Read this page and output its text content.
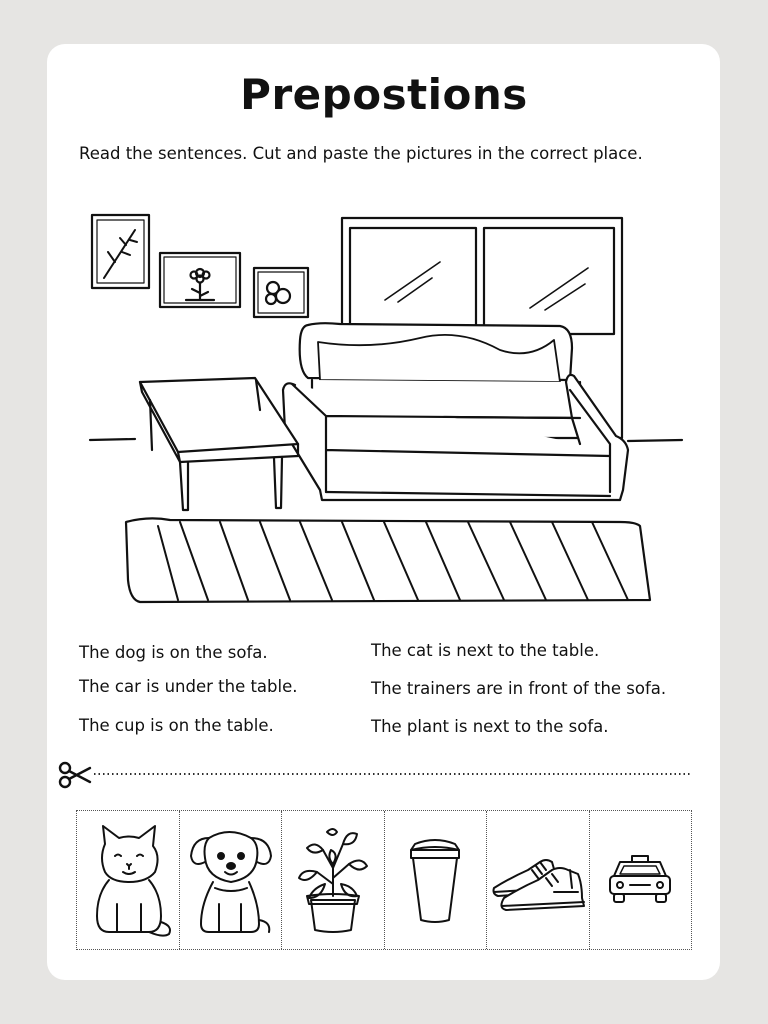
Prepostions

Read the sentences. Cut and paste the pictures in the correct place.

The dog is on the sofa.

The car is under the table.

The cup is on the table.

The cat is next to the table.

The trainers are in front of the sofa.

The plant is next to the sofa.
